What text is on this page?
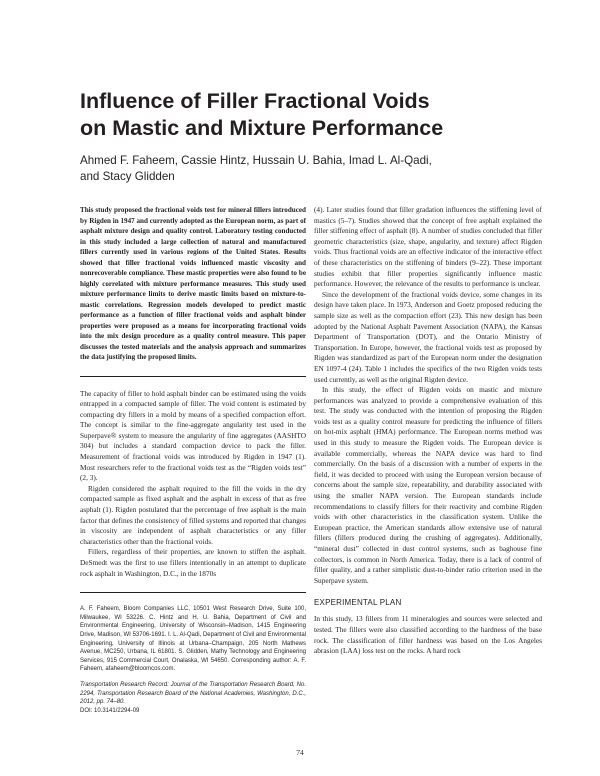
Influence of Filler Fractional Voids
on Mastic and Mixture Performance
Ahmed F. Faheem, Cassie Hintz, Hussain U. Bahia, Imad L. Al-Qadi,
and Stacy Glidden

This study proposed the fractional voids test for mineral fillers introduced by Rigden in 1947 and currently adopted as the European norm, as part of asphalt mixture design and quality control. Laboratory testing conducted in this study included a large collection of natural and manufactured fillers currently used in various regions of the United States. Results showed that filler fractional voids influenced mastic viscosity and nonrecoverable compliance. These mastic properties were also found to be highly correlated with mixture performance measures. This study used mixture performance limits to derive mastic limits based on mixture-to-mastic correlations. Regression models developed to predict mastic performance as a function of filler fractional voids and asphalt binder properties were proposed as a means for incorporating fractional voids into the mix design procedure as a quality control measure. This paper discusses the tested materials and the analysis approach and summarizes the data justifying the proposed limits.

The capacity of filler to hold asphalt binder can be estimated using the voids entrapped in a compacted sample of filler. The void content is estimated by compacting dry fillers in a mold by means of a specified compaction effort. The concept is similar to the fine-aggregate angularity test used in the Superpave® system to measure the angularity of fine aggregates (AASHTO 304) but includes a standard compaction device to pack the filler. Measurement of fractional voids was introduced by Rigden in 1947 (1). Most researchers refer to the fractional voids test as the “Rigden voids test” (2, 3).

Rigden considered the asphalt required to the fill the voids in the dry compacted sample as fixed asphalt and the asphalt in excess of that as free asphalt (1). Rigden postulated that the percentage of free asphalt is the main factor that defines the consistency of filled systems and reported that changes in viscosity are independent of asphalt characteristics or any filler characteristics other than the fractional voids.

Fillers, regardless of their properties, are known to stiffen the asphalt. DeSmedt was the first to use fillers intentionally in an attempt to duplicate rock asphalt in Washington, D.C., in the 1870s

A. F. Faheem, Bloom Companies LLC, 10501 West Research Drive, Suite 100, Milwaukee, WI 53226. C. Hintz and H. U. Bahia, Department of Civil and Environmental Engineering, University of Wisconsin–Madison, 1415 Engineering Drive, Madison, WI 53706-1691. I. L. Al-Qadi, Department of Civil and Environmental Engineering, University of Illinois at Urbana–Champaign, 205 North Mathews Avenue, MC250, Urbana, IL 61801. S. Glidden, Mathy Technology and Engineering Services, 915 Commercial Court, Onalaska, WI 54650. Corresponding author: A. F. Faheem, afaheem@bloomcos.com.

Transportation Research Record: Journal of the Transportation Research Board, No. 2294, Transportation Research Board of the National Academies, Washington, D.C., 2012, pp. 74–80.
DOI: 10.3141/2294-09

(4). Later studies found that filler gradation influences the stiffening level of mastics (5–7). Studies showed that the concept of free asphalt explained the filler stiffening effect of asphalt (8). A number of studies concluded that filler geometric characteristics (size, shape, angularity, and texture) affect Rigden voids. Thus fractional voids are an effective indicator of the interactive effect of these characteristics on the stiffening of binders (9–22). These important studies exhibit that filler properties significantly influence mastic performance. However, the relevance of the results to performance is unclear.

Since the development of the fractional voids device, some changes in its design have taken place. In 1973, Anderson and Goetz proposed reducing the sample size as well as the compaction effort (23). This new design has been adopted by the National Asphalt Pavement Association (NAPA), the Kansas Department of Transportation (DOT), and the Ontario Ministry of Transportation. In Europe, however, the fractional voids test as proposed by Rigden was standardized as part of the European norm under the designation EN 1097-4 (24). Table 1 includes the specifics of the two Rigden voids tests used currently, as well as the original Rigden device.

In this study, the effect of Rigden voids on mastic and mixture performances was analyzed to provide a comprehensive evaluation of this test. The study was conducted with the intention of proposing the Rigden voids test as a quality control measure for predicting the influence of fillers on hot-mix asphalt (HMA) performance. The European norms method was used in this study to measure the Rigden voids. The European device is available commercially, whereas the NAPA device was hard to find commercially. On the basis of a discussion with a number of experts in the field, it was decided to proceed with using the European version because of concerns about the sample size, repeatability, and durability associated with using the smaller NAPA version. The European standards include recommendations to classify fillers for their reactivity and combine Rigden voids with other characteristics in the classification system. Unlike the European practice, the American standards allow extensive use of natural fillers (fillers produced during the crushing of aggregates). Additionally, “mineral dust” collected in dust control systems, such as baghouse fine collectors, is common in North America. Today, there is a lack of control of filler quality, and a rather simplistic dust-to-binder ratio criterion used in the Superpave system.

EXPERIMENTAL PLAN

In this study, 13 fillers from 11 mineralogies and sources were selected and tested. The fillers were also classified according to the hardness of the base rock. The classification of filler hardness was based on the Los Angeles abrasion (LAA) loss test on the rocks. A hard rock

74
